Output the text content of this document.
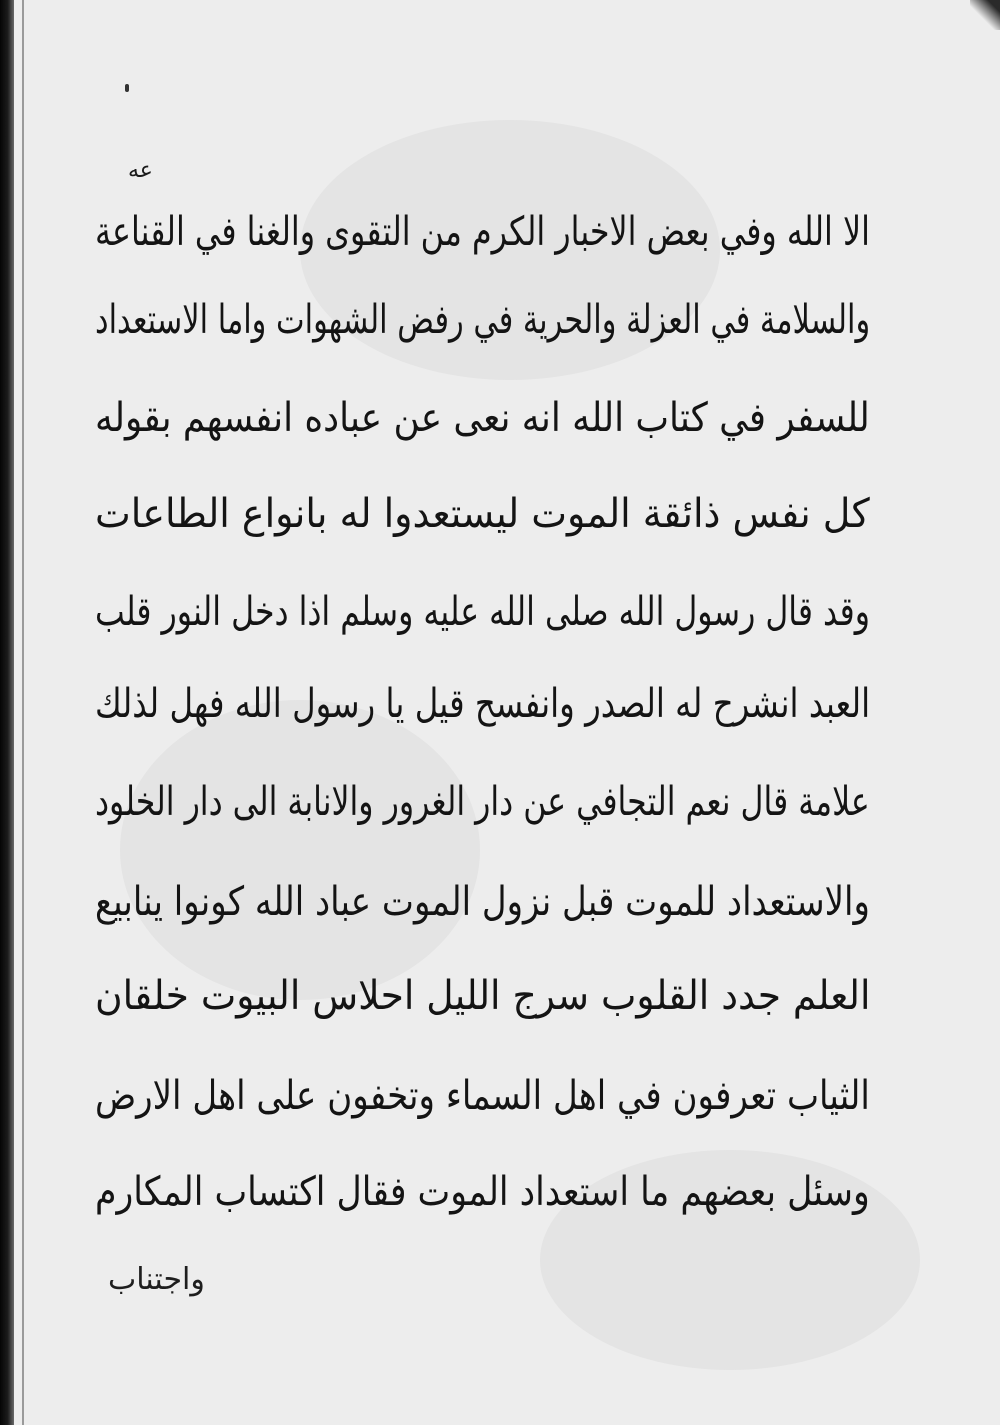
عه
الا الله وفي بعض الاخبار الكرم من التقوى والغنا في القناعة
والسلامة في العزلة والحرية في رفض الشهوات واما الاستعداد
للسفر في كتاب الله انه نعى عن عباده انفسهم بقوله
كل نفس ذائقة الموت ليستعدوا له بانواع الطاعات
وقد قال رسول الله صلى الله عليه وسلم اذا دخل النور قلب
العبد انشرح له الصدر وانفسح قيل يا رسول الله فهل لذلك
علامة قال نعم التجافي عن دار الغرور والانابة الى دار الخلود
والاستعداد للموت قبل نزول الموت عباد الله كونوا ينابيع
العلم جدد القلوب سرج الليل احلاس البيوت خلقان
الثياب تعرفون في اهل السماء وتخفون على اهل الارض
وسئل بعضهم ما استعداد الموت فقال اكتساب المكارم
واجتناب
